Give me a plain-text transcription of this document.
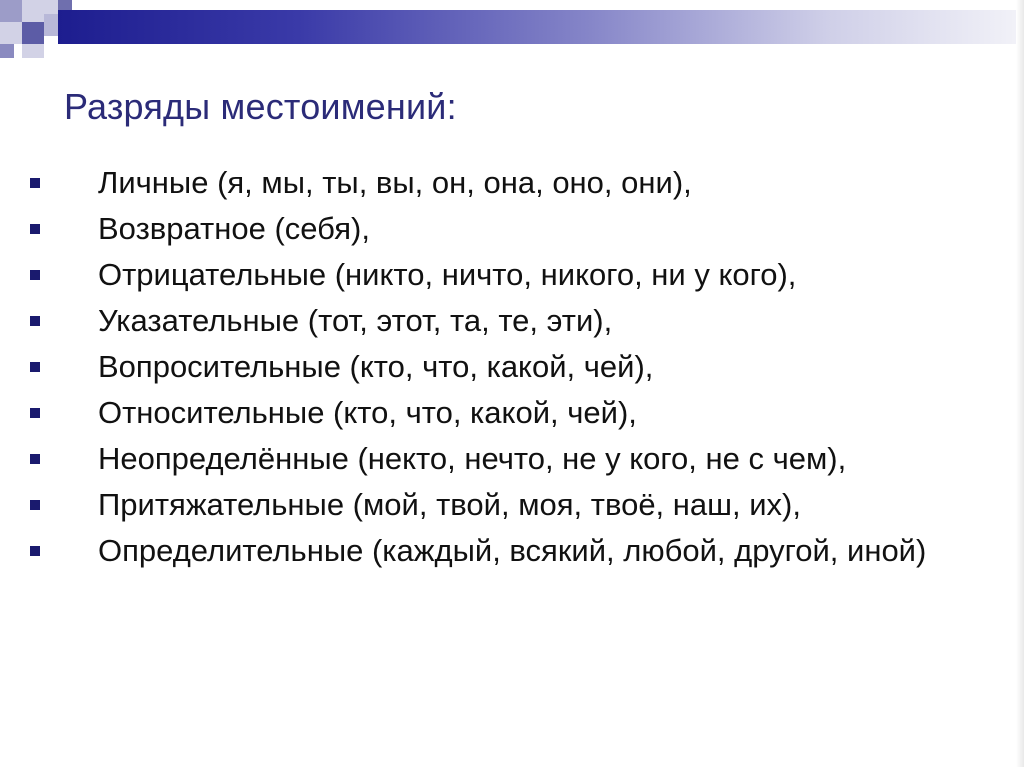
Разряды местоимений:
Личные (я, мы, ты, вы, он, она, оно, они),
Возвратное (себя),
Отрицательные (никто, ничто, никого, ни у кого),
Указательные (тот, этот, та, те, эти),
Вопросительные (кто, что, какой, чей),
Относительные (кто, что, какой, чей),
Неопределённые (некто, нечто, не у кого, не с чем),
Притяжательные (мой, твой, моя, твоё, наш, их),
Определительные (каждый, всякий, любой, другой, иной)
